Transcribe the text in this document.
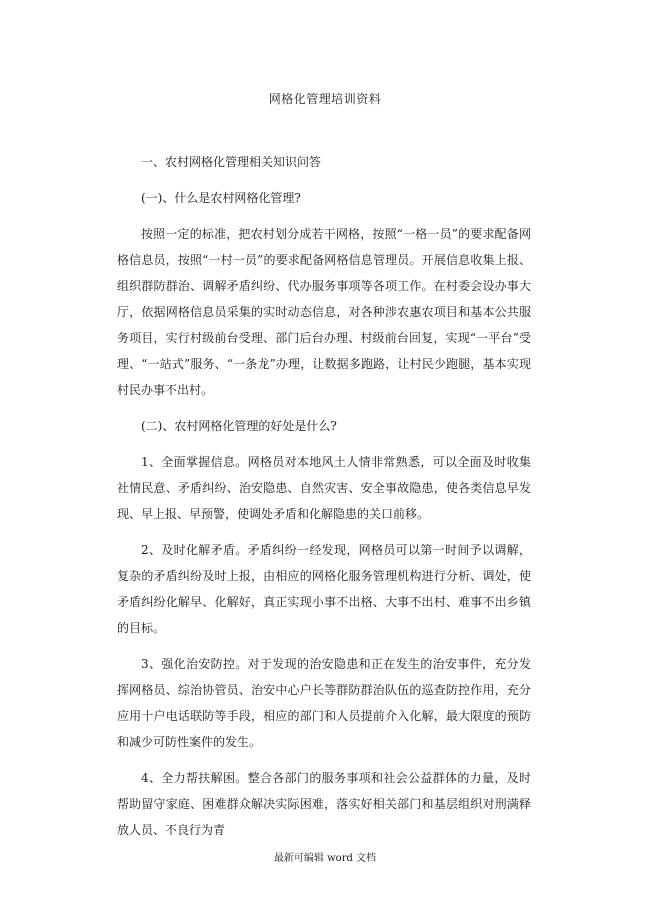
网格化管理培训资料

一、农村网格化管理相关知识问答

(一)、什么是农村网格化管理?

按照一定的标准，把农村划分成若干网格，按照“一格一员”的要求配备网格信息员，按照“一村一员”的要求配备网格信息管理员。开展信息收集上报、组织群防群治、调解矛盾纠纷、代办服务事项等各项工作。在村委会设办事大厅，依据网格信息员采集的实时动态信息，对各种涉农惠农项目和基本公共服务项目，实行村级前台受理、部门后台办理、村级前台回复，实现“一平台”受理、“一站式”服务、“一条龙”办理，让数据多跑路，让村民少跑腿，基本实现村民办事不出村。

(二)、农村网格化管理的好处是什么?

1、全面掌握信息。网格员对本地风土人情非常熟悉，可以全面及时收集社情民意、矛盾纠纷、治安隐患、自然灾害、安全事故隐患，使各类信息早发现、早上报、早预警，使调处矛盾和化解隐患的关口前移。

2、及时化解矛盾。矛盾纠纷一经发现，网格员可以第一时间予以调解，复杂的矛盾纠纷及时上报，由相应的网格化服务管理机构进行分析、调处，使矛盾纠纷化解早、化解好，真正实现小事不出格、大事不出村、难事不出乡镇的目标。

3、强化治安防控。对于发现的治安隐患和正在发生的治安事件，充分发挥网格员、综治协管员、治安中心户长等群防群治队伍的巡查防控作用，充分应用十户电话联防等手段，相应的部门和人员提前介入化解，最大限度的预防和减少可防性案件的发生。

4、全力帮扶解困。整合各部门的服务事项和社会公益群体的力量，及时帮助留守家庭、困难群众解决实际困难，落实好相关部门和基层组织对刑满释放人员、不良行为青

最新可编辑 word 文档
